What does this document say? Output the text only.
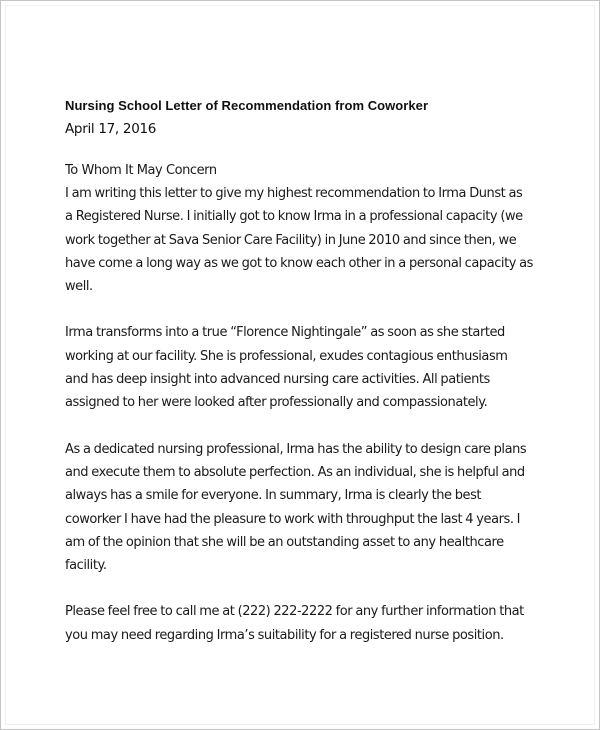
Nursing School Letter of Recommendation from Coworker

April 17, 2016

To Whom It May Concern

I am writing this letter to give my highest recommendation to Irma Dunst as
a Registered Nurse. I initially got to know Irma in a professional capacity (we
work together at Sava Senior Care Facility) in June 2010 and since then, we
have come a long way as we got to know each other in a personal capacity as
well.

Irma transforms into a true “Florence Nightingale” as soon as she started
working at our facility. She is professional, exudes contagious enthusiasm
and has deep insight into advanced nursing care activities. All patients
assigned to her were looked after professionally and compassionately.

As a dedicated nursing professional, Irma has the ability to design care plans
and execute them to absolute perfection. As an individual, she is helpful and
always has a smile for everyone. In summary, Irma is clearly the best
coworker I have had the pleasure to work with throughput the last 4 years. I
am of the opinion that she will be an outstanding asset to any healthcare
facility.

Please feel free to call me at (222) 222-2222 for any further information that
you may need regarding Irma’s suitability for a registered nurse position.
